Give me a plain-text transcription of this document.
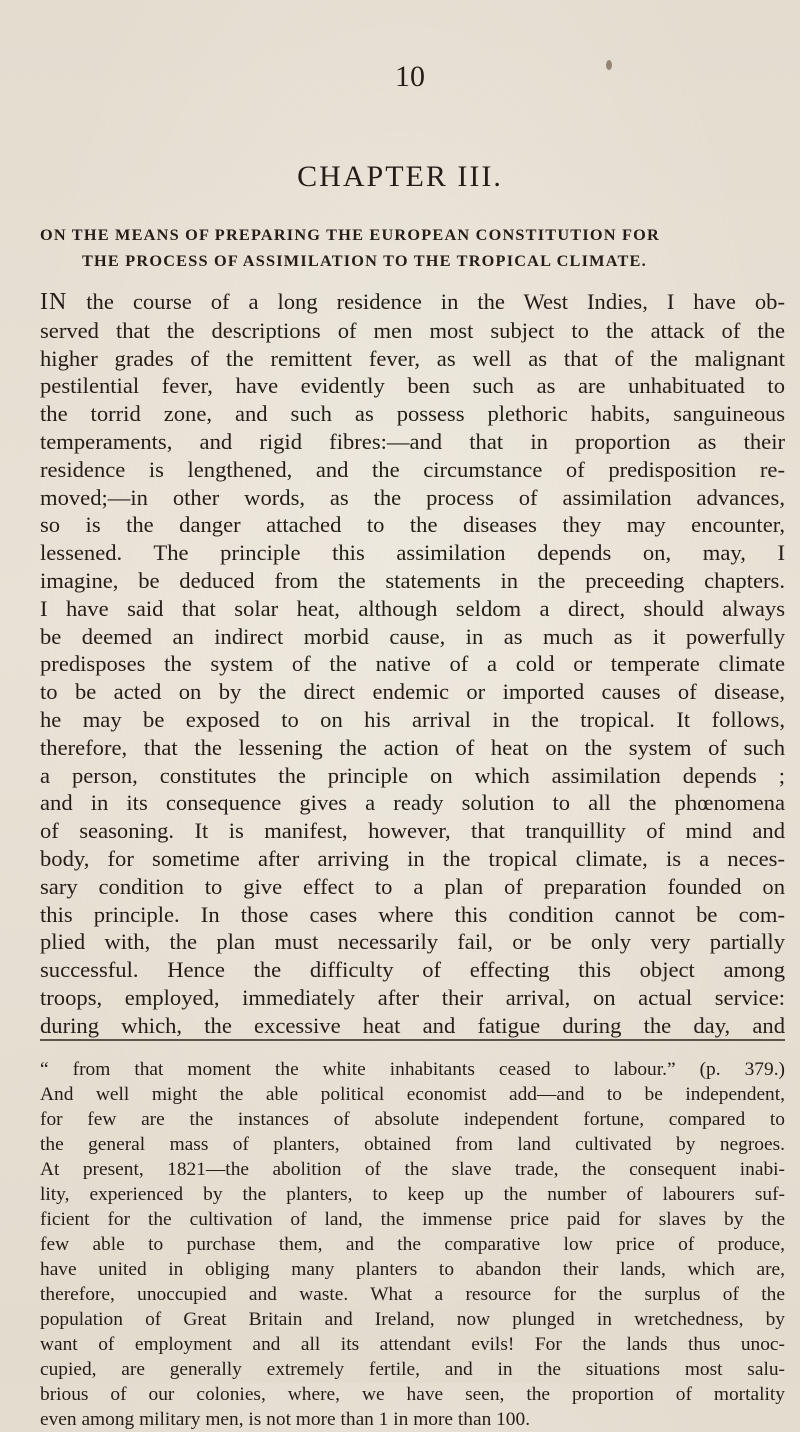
10
CHAPTER III.
ON THE MEANS OF PREPARING THE EUROPEAN CONSTITUTION FOR
THE PROCESS OF ASSIMILATION TO THE TROPICAL CLIMATE.
IN the course of a long residence in the West Indies, I have ob-
served that the descriptions of men most subject to the attack of the
higher grades of the remittent fever, as well as that of the malignant
pestilential fever, have evidently been such as are unhabituated to
the torrid zone, and such as possess plethoric habits, sanguineous
temperaments, and rigid fibres:—and that in proportion as their
residence is lengthened, and the circumstance of predisposition re-
moved;—in other words, as the process of assimilation advances,
so is the danger attached to the diseases they may encounter,
lessened. The principle this assimilation depends on, may, I
imagine, be deduced from the statements in the preceeding chapters.
I have said that solar heat, although seldom a direct, should always
be deemed an indirect morbid cause, in as much as it powerfully
predisposes the system of the native of a cold or temperate climate
to be acted on by the direct endemic or imported causes of disease,
he may be exposed to on his arrival in the tropical. It follows,
therefore, that the lessening the action of heat on the system of such
a person, constitutes the principle on which assimilation depends ;
and in its consequence gives a ready solution to all the phœnomena
of seasoning. It is manifest, however, that tranquillity of mind and
body, for sometime after arriving in the tropical climate, is a neces-
sary condition to give effect to a plan of preparation founded on
this principle. In those cases where this condition cannot be com-
plied with, the plan must necessarily fail, or be only very partially
successful. Hence the difficulty of effecting this object among
troops, employed, immediately after their arrival, on actual service:
during which, the excessive heat and fatigue during the day, and
“ from that moment the white inhabitants ceased to labour.” (p. 379.)
And well might the able political economist add—and to be independent,
for few are the instances of absolute independent fortune, compared to
the general mass of planters, obtained from land cultivated by negroes.
At present, 1821—the abolition of the slave trade, the consequent inabi-
lity, experienced by the planters, to keep up the number of labourers suf-
ficient for the cultivation of land, the immense price paid for slaves by the
few able to purchase them, and the comparative low price of produce,
have united in obliging many planters to abandon their lands, which are,
therefore, unoccupied and waste. What a resource for the surplus of the
population of Great Britain and Ireland, now plunged in wretchedness, by
want of employment and all its attendant evils! For the lands thus unoc-
cupied, are generally extremely fertile, and in the situations most salu-
brious of our colonies, where, we have seen, the proportion of mortality
even among military men, is not more than 1 in more than 100.
